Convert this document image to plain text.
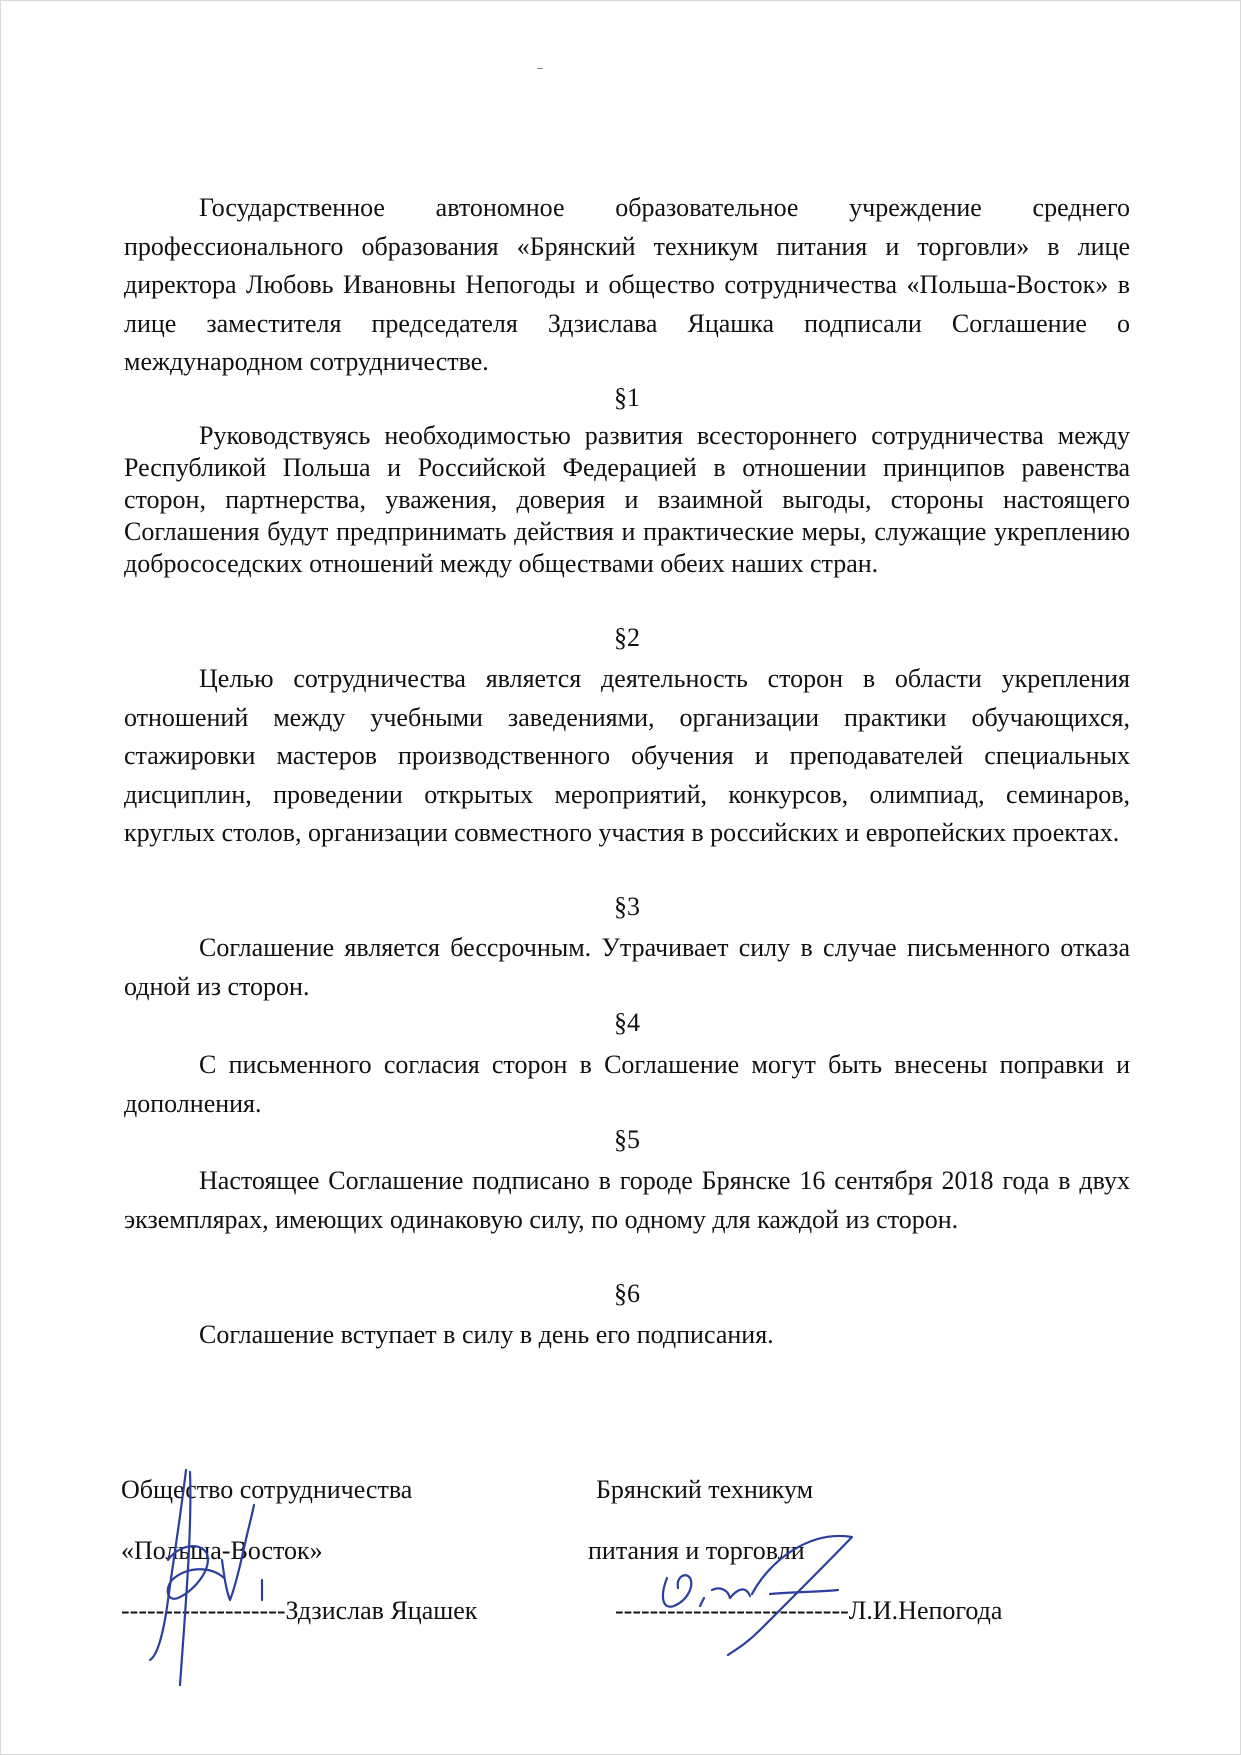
Государственное автономное образовательное учреждение среднего профессионального образования «Брянский техникум питания и торговли» в лице директора Любовь Ивановны Непогоды и общество сотрудничества «Польша-Восток» в лице заместителя председателя Здзислава Яцашка подписали Соглашение о международном сотрудничестве.

§1

Руководствуясь необходимостью развития всестороннего сотрудничества между Республикой Польша и Российской Федерацией в отношении принципов равенства сторон, партнерства, уважения, доверия и взаимной выгоды, стороны настоящего Соглашения будут предпринимать действия и практические меры, служащие укреплению добрососедских отношений между обществами обеих наших стран.

§2

Целью сотрудничества является деятельность сторон в области укрепления отношений между учебными заведениями, организации практики обучающихся, стажировки мастеров производственного обучения и преподавателей специальных дисциплин, проведении открытых мероприятий, конкурсов, олимпиад, семинаров, круглых столов, организации совместного участия в российских и европейских проектах.

§3

Соглашение является бессрочным. Утрачивает силу в случае письменного отказа одной из сторон.

§4

С письменного согласия сторон в Соглашение могут быть внесены поправки и дополнения.

§5

Настоящее Соглашение подписано в городе Брянске 16 сентября 2018 года в двух экземплярах, имеющих одинаковую силу, по одному для каждой из сторон.

§6

Соглашение вступает в силу в день его подписания.

Общество сотрудничества

«Польша-Восток»

-------------------Здзислав Яцашек

Брянский техникум

питания и торговли

---------------------------Л.И.Непогода
